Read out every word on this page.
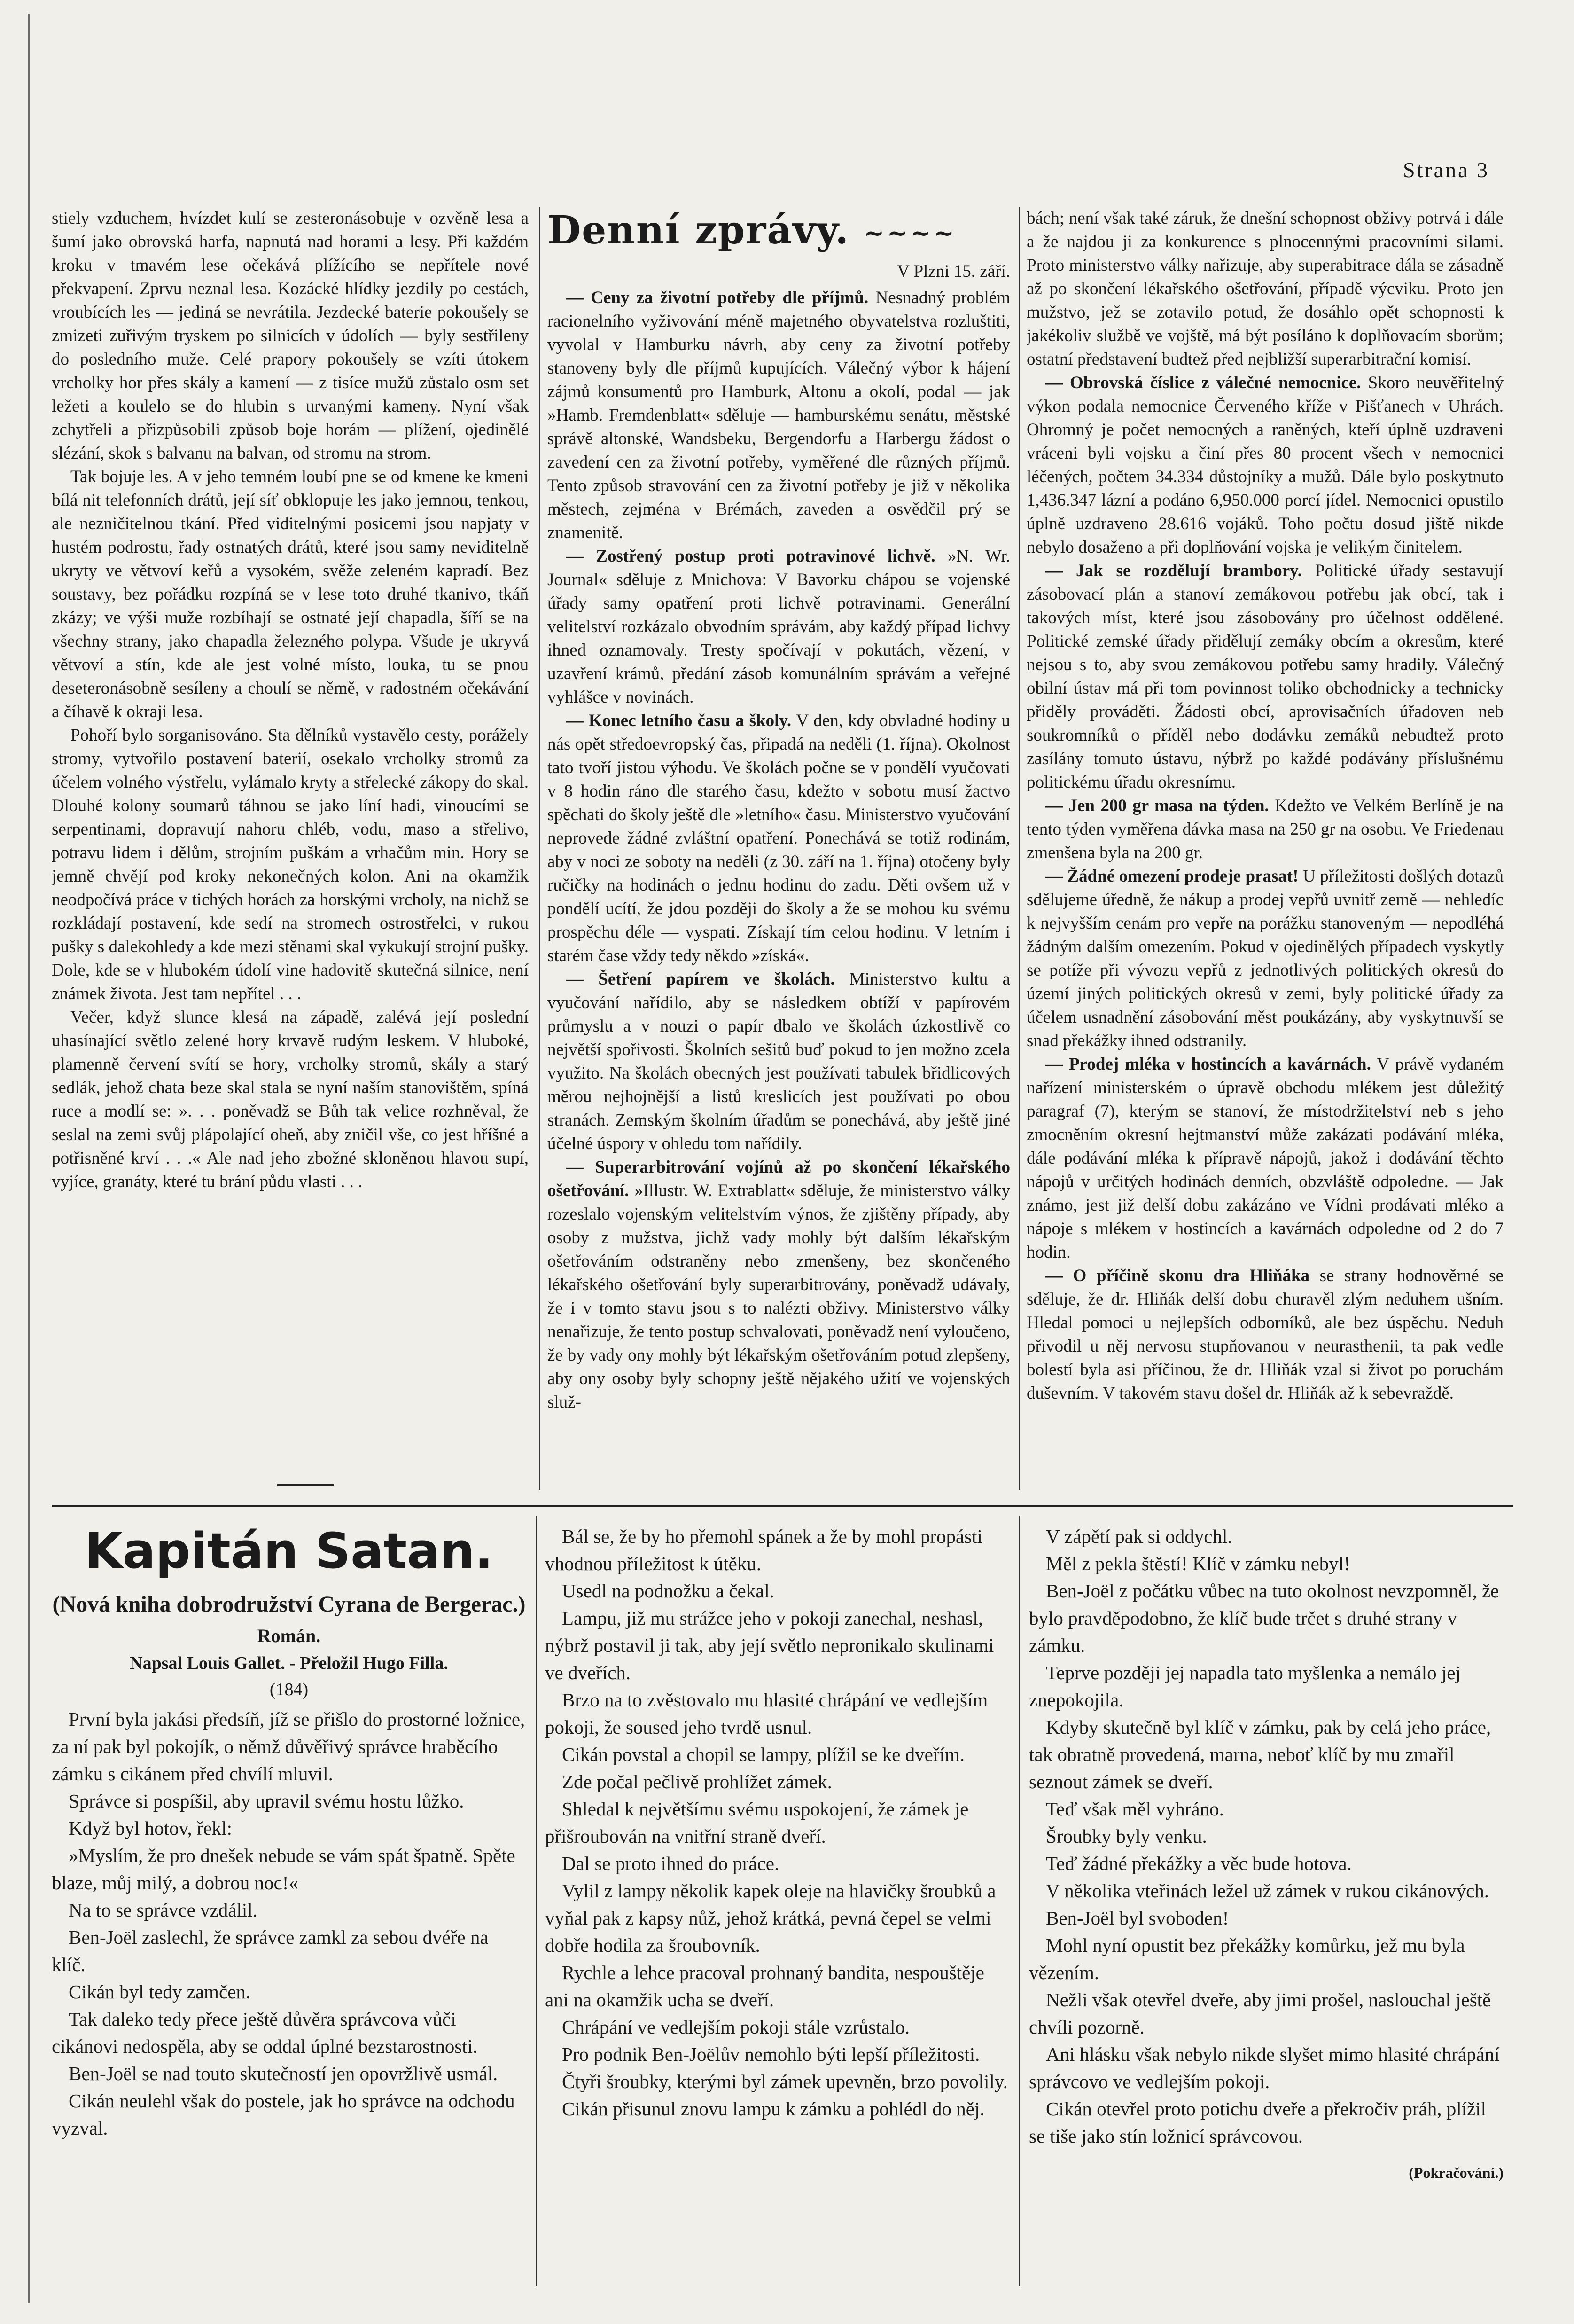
Strana 3

stiely vzduchem, hvízdet kulí se zesteronásobuje v ozvěně lesa a šumí jako obrovská harfa, napnutá nad horami a lesy. Při každém kroku v tmavém lese očekává plížícího se nepřítele nové překvapení. Zprvu neznal lesa. Kozácké hlídky jezdily po cestách, vroubících les — jediná se nevrátila. Jezdecké baterie pokoušely se zmizeti zuřivým tryskem po silnicích v údolích — byly sestřileny do posledního muže. Celé prapory pokoušely se vzíti útokem vrcholky hor přes skály a kamení — z tisíce mužů zůstalo osm set ležeti a koulelo se do hlubin s urvanými kameny. Nyní však zchytřeli a přizpůsobili způsob boje horám — plížení, ojedinělé slézání, skok s balvanu na balvan, od stromu na strom.

Tak bojuje les. A v jeho temném loubí pne se od kmene ke kmeni bílá nit telefonních drátů, její síť obklopuje les jako jemnou, tenkou, ale nezničitelnou tkání. Před viditelnými posicemi jsou napjaty v hustém podrostu, řady ostnatých drátů, které jsou samy neviditelně ukryty ve větvoví keřů a vysokém, svěže zeleném kapradí. Bez soustavy, bez pořádku rozpíná se v lese toto druhé tkanivo, tkáň zkázy; ve výši muže rozbíhají se ostnaté její chapadla, šíří se na všechny strany, jako chapadla železného polypa. Všude je ukryvá větvoví a stín, kde ale jest volné místo, louka, tu se pnou deseteronásobně sesíleny a choulí se němě, v radostném očekávání a číhavě k okraji lesa.

Pohoří bylo sorganisováno. Sta dělníků vystavělo cesty, porážely stromy, vytvořilo postavení baterií, osekalo vrcholky stromů za účelem volného výstřelu, vylámalo kryty a střelecké zákopy do skal. Dlouhé kolony soumarů táhnou se jako líní hadi, vinoucími se serpentinami, dopravují nahoru chléb, vodu, maso a střelivo, potravu lidem i dělům, strojním puškám a vrhačům min. Hory se jemně chvějí pod kroky nekonečných kolon. Ani na okamžik neodpočívá práce v tichých horách za horskými vrcholy, na nichž se rozkládají postavení, kde sedí na stromech ostrostřelci, v rukou pušky s dalekohledy a kde mezi stěnami skal vykukují strojní pušky. Dole, kde se v hlubokém údolí vine hadovitě skutečná silnice, není známek života. Jest tam nepřítel . . .

Večer, když slunce klesá na západě, zalévá její poslední uhasínající světlo zelené hory krvavě rudým leskem. V hluboké, plamenně červení svítí se hory, vrcholky stromů, skály a starý sedlák, jehož chata beze skal stala se nyní naším stanovištěm, spíná ruce a modlí se: ». . . poněvadž se Bůh tak velice rozhněval, že seslal na zemi svůj plápolající oheň, aby zničil vše, co jest hříšné a potřisněné krví . . .« Ale nad jeho zbožné skloněnou hlavou supí, vyjíce, granáty, které tu brání půdu vlasti . . .

Denní zprávy. ~~~~
V Plzni 15. září.

— Ceny za životní potřeby dle příjmů. Nesnadný problém racionelního vyživování méně majetného obyvatelstva rozluštiti, vyvolal v Hamburku návrh, aby ceny za životní potřeby stanoveny byly dle příjmů kupujících. Válečný výbor k hájení zájmů konsumentů pro Hamburk, Altonu a okolí, podal — jak »Hamb. Fremdenblatt« sděluje — hamburskému senátu, městské správě altonské, Wandsbeku, Bergendorfu a Harbergu žádost o zavedení cen za životní potřeby, vyměřené dle různých příjmů. Tento způsob stravování cen za životní potřeby je již v několika městech, zejména v Brémách, zaveden a osvědčil prý se znamenitě.

— Zostřený postup proti potravinové lichvě. »N. Wr. Journal« sděluje z Mnichova: V Bavorku chápou se vojenské úřady samy opatření proti lichvě potravinami. Generální velitelství rozkázalo obvodním správám, aby každý případ lichvy ihned oznamovaly. Tresty spočívají v pokutách, vězení, v uzavření krámů, předání zásob komunálním správám a veřejné vyhlášce v novinách.

— Konec letního času a školy. V den, kdy obvladné hodiny u nás opět středoevropský čas, připadá na neděli (1. října). Okolnost tato tvoří jistou výhodu. Ve školách počne se v pondělí vyučovati v 8 hodin ráno dle starého času, kdežto v sobotu musí žactvo spěchati do školy ještě dle »letního« času. Ministerstvo vyučování neprovede žádné zvláštní opatření. Ponechává se totiž rodinám, aby v noci ze soboty na neděli (z 30. září na 1. října) otočeny byly ručičky na hodinách o jednu hodinu do zadu. Děti ovšem už v pondělí ucítí, že jdou později do školy a že se mohou ku svému prospěchu déle — vyspati. Získají tím celou hodinu. V letním i starém čase vždy tedy někdo »získá«.

— Šetření papírem ve školách. Ministerstvo kultu a vyučování nařídilo, aby se následkem obtíží v papírovém průmyslu a v nouzi o papír dbalo ve školách úzkostlivě co největší spořivosti. Školních sešitů buď pokud to jen možno zcela využito. Na školách obecných jest používati tabulek břidlicových měrou nejhojnější a listů kreslicích jest používati po obou stranách. Zemským školním úřadům se ponechává, aby ještě jiné účelné úspory v ohledu tom nařídily.

— Superarbitrování vojínů až po skončení lékařského ošetřování. »Illustr. W. Extrablatt« sděluje, že ministerstvo války rozeslalo vojenským velitelstvím výnos, že zjištěny případy, aby osoby z mužstva, jichž vady mohly být dalším lékařským ošetřováním odstraněny nebo zmenšeny, bez skončeného lékařského ošetřování byly superarbitrovány, poněvadž udávaly, že i v tomto stavu jsou s to nalézti obživy. Ministerstvo války nenařizuje, že tento postup schvalovati, poněvadž není vyloučeno, že by vady ony mohly být lékařským ošetřováním potud zlepšeny, aby ony osoby byly schopny ještě nějakého užití ve vojenských služ-

bách; není však také záruk, že dnešní schopnost obživy potrvá i dále a že najdou ji za konkurence s plnocennými pracovními silami. Proto ministerstvo války nařizuje, aby superabitrace dála se zásadně až po skončení lékařského ošetřování, případě výcviku. Proto jen mužstvo, jež se zotavilo potud, že dosáhlo opět schopnosti k jakékoliv službě ve vojště, má být posíláno k doplňovacím sborům; ostatní představení budtež před nejbližší superarbitrační komisí.

— Obrovská číslice z válečné nemocnice. Skoro neuvěřitelný výkon podala nemocnice Červeného kříže v Pišťanech v Uhrách. Ohromný je počet nemocných a raněných, kteří úplně uzdraveni vráceni byli vojsku a činí přes 80 procent všech v nemocnici léčených, počtem 34.334 důstojníky a mužů. Dále bylo poskytnuto 1,436.347 lázní a podáno 6,950.000 porcí jídel. Nemocnici opustilo úplně uzdraveno 28.616 vojáků. Toho počtu dosud jiště nikde nebylo dosaženo a při doplňování vojska je velikým činitelem.

— Jak se rozdělují brambory. Politické úřady sestavují zásobovací plán a stanoví zemákovou potřebu jak obcí, tak i takových míst, které jsou zásobovány pro účelnost oddělené. Politické zemské úřady přidělují zemáky obcím a okresům, které nejsou s to, aby svou zemákovou potřebu samy hradily. Válečný obilní ústav má při tom povinnost toliko obchodnicky a technicky přiděly prováděti. Žádosti obcí, aprovisačních úřadoven neb soukromníků o příděl nebo dodávku zemáků nebudtež proto zasílány tomuto ústavu, nýbrž po každé podávány příslušnému politickému úřadu okresnímu.

— Jen 200 gr masa na týden. Kdežto ve Velkém Berlíně je na tento týden vyměřena dávka masa na 250 gr na osobu. Ve Friedenau zmenšena byla na 200 gr.

— Žádné omezení prodeje prasat! U příležitosti došlých dotazů sdělujeme úředně, že nákup a prodej vepřů uvnitř země — nehledíc k nejvyšším cenám pro vepře na porážku stanoveným — nepodléhá žádným dalším omezením. Pokud v ojedinělých případech vyskytly se potíže při vývozu vepřů z jednotlivých politických okresů do území jiných politických okresů v zemi, byly politické úřady za účelem usnadnění zásobování měst poukázány, aby vyskytnuvší se snad překážky ihned odstranily.

— Prodej mléka v hostincích a kavárnách. V právě vydaném nařízení ministerském o úpravě obchodu mlékem jest důležitý paragraf (7), kterým se stanoví, že místodržitelství neb s jeho zmocněním okresní hejtmanství může zakázati podávání mléka, dále podávání mléka k přípravě nápojů, jakož i dodávání těchto nápojů v určitých hodinách denních, obzvláště odpoledne. — Jak známo, jest již delší dobu zakázáno ve Vídni prodávati mléko a nápoje s mlékem v hostincích a kavárnách odpoledne od 2 do 7 hodin.

— O příčině skonu dra Hliňáka se strany hodnověrné se sděluje, že dr. Hliňák delší dobu churavěl zlým neduhem ušním. Hledal pomoci u nejlepších odborníků, ale bez úspěchu. Neduh přivodil u něj nervosu stupňovanou v neurasthenii, ta pak vedle bolestí byla asi příčinou, že dr. Hliňák vzal si život po poruchám duševním. V takovém stavu došel dr. Hliňák až k sebevraždě.

Kapitán Satan.
(Nová kniha dobrodružství Cyrana de Bergerac.)
Román.
Napsal Louis Gallet. - Přeložil Hugo Filla.
(184)

První byla jakási předsíň, jíž se přišlo do prostorné ložnice, za ní pak byl pokojík, o němž důvěřivý správce hraběcího zámku s cikánem před chvílí mluvil.

Správce si pospíšil, aby upravil svému hostu lůžko.

Když byl hotov, řekl:

»Myslím, že pro dnešek nebude se vám spát špatně. Spěte blaze, můj milý, a dobrou noc!«

Na to se správce vzdálil.

Ben-Joël zaslechl, že správce zamkl za sebou dvéře na klíč.

Cikán byl tedy zamčen.

Tak daleko tedy přece ještě důvěra správcova vůči cikánovi nedospěla, aby se oddal úplné bezstarostnosti.

Ben-Joël se nad touto skutečností jen opovržlivě usmál.

Cikán neulehl však do postele, jak ho správce na odchodu vyzval.

Bál se, že by ho přemohl spánek a že by mohl propásti vhodnou příležitost k útěku.

Usedl na podnožku a čekal.

Lampu, již mu strážce jeho v pokoji zanechal, neshasl, nýbrž postavil ji tak, aby její světlo nepronikalo skulinami ve dveřích.

Brzo na to zvěstovalo mu hlasité chrápání ve vedlejším pokoji, že soused jeho tvrdě usnul.

Cikán povstal a chopil se lampy, plížil se ke dveřím.

Zde počal pečlivě prohlížet zámek.

Shledal k největšímu svému uspokojení, že zámek je přišroubován na vnitřní straně dveří.

Dal se proto ihned do práce.

Vylil z lampy několik kapek oleje na hlavičky šroubků a vyňal pak z kapsy nůž, jehož krátká, pevná čepel se velmi dobře hodila za šroubovník.

Rychle a lehce pracoval prohnaný bandita, nespouštěje ani na okamžik ucha se dveří.

Chrápání ve vedlejším pokoji stále vzrůstalo.

Pro podnik Ben-Joëlův nemohlo býti lepší příležitosti.

Čtyři šroubky, kterými byl zámek upevněn, brzo povolily.

Cikán přisunul znovu lampu k zámku a pohlédl do něj.

V zápětí pak si oddychl.

Měl z pekla štěstí! Klíč v zámku nebyl!

Ben-Joël z počátku vůbec na tuto okolnost nevzpomněl, že bylo pravděpodobno, že klíč bude trčet s druhé strany v zámku.

Teprve později jej napadla tato myšlenka a nemálo jej znepokojila.

Kdyby skutečně byl klíč v zámku, pak by celá jeho práce, tak obratně provedená, marna, neboť klíč by mu zmařil seznout zámek se dveří.

Teď však měl vyhráno.

Šroubky byly venku.

Teď žádné překážky a věc bude hotova.

V několika vteřinách ležel už zámek v rukou cikánových.

Ben-Joël byl svoboden!

Mohl nyní opustit bez překážky komůrku, jež mu byla vězením.

Nežli však otevřel dveře, aby jimi prošel, naslouchal ještě chvíli pozorně.

Ani hlásku však nebylo nikde slyšet mimo hlasité chrápání správcovo ve vedlejším pokoji.

Cikán otevřel proto potichu dveře a překročiv práh, plížil se tiše jako stín ložnicí správcovou.

(Pokračování.)
